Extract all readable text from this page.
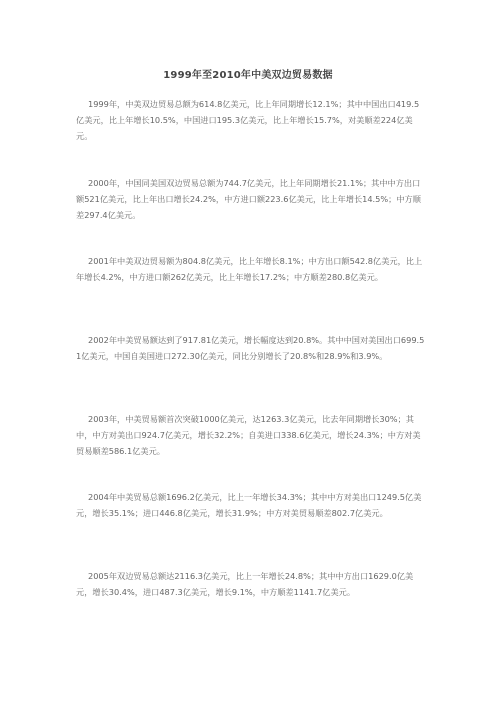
1999年至2010年中美双边贸易数据

1999年，中美双边贸易总额为614.8亿美元，比上年同期增长12.1%；其中中国出口419.5亿美元，比上年增长10.5%，中国进口195.3亿美元，比上年增长15.7%，对美顺差224亿美元。

2000年，中国同美国双边贸易总额为744.7亿美元，比上年同期增长21.1%；其中中方出口额521亿美元，比上年出口增长24.2%，中方进口额223.6亿美元，比上年增长14.5%；中方顺差297.4亿美元。

2001年中美双边贸易额为804.8亿美元，比上年增长8.1%；中方出口额542.8亿美元，比上年增长4.2%，中方进口额262亿美元，比上年增长17.2%；中方顺差280.8亿美元。

2002年中美贸易额达到了917.81亿美元，增长幅度达到20.8%。其中中国对美国出口699.51亿美元，中国自美国进口272.30亿美元，同比分别增长了20.8%和28.9%和3.9%。

2003年，中美贸易额首次突破1000亿美元，达1263.3亿美元，比去年同期增长30%；其中，中方对美出口924.7亿美元，增长32.2%；自美进口338.6亿美元，增长24.3%；中方对美贸易顺差586.1亿美元。

2004年中美贸易总额1696.2亿美元，比上一年增长34.3%；其中中方对美出口1249.5亿美元，增长35.1%；进口446.8亿美元，增长31.9%；中方对美贸易顺差802.7亿美元。

2005年双边贸易总额达2116.3亿美元，比上一年增长24.8%；其中中方出口1629.0亿美元，增长30.4%，进口487.3亿美元，增长9.1%，中方顺差1141.7亿美元。
